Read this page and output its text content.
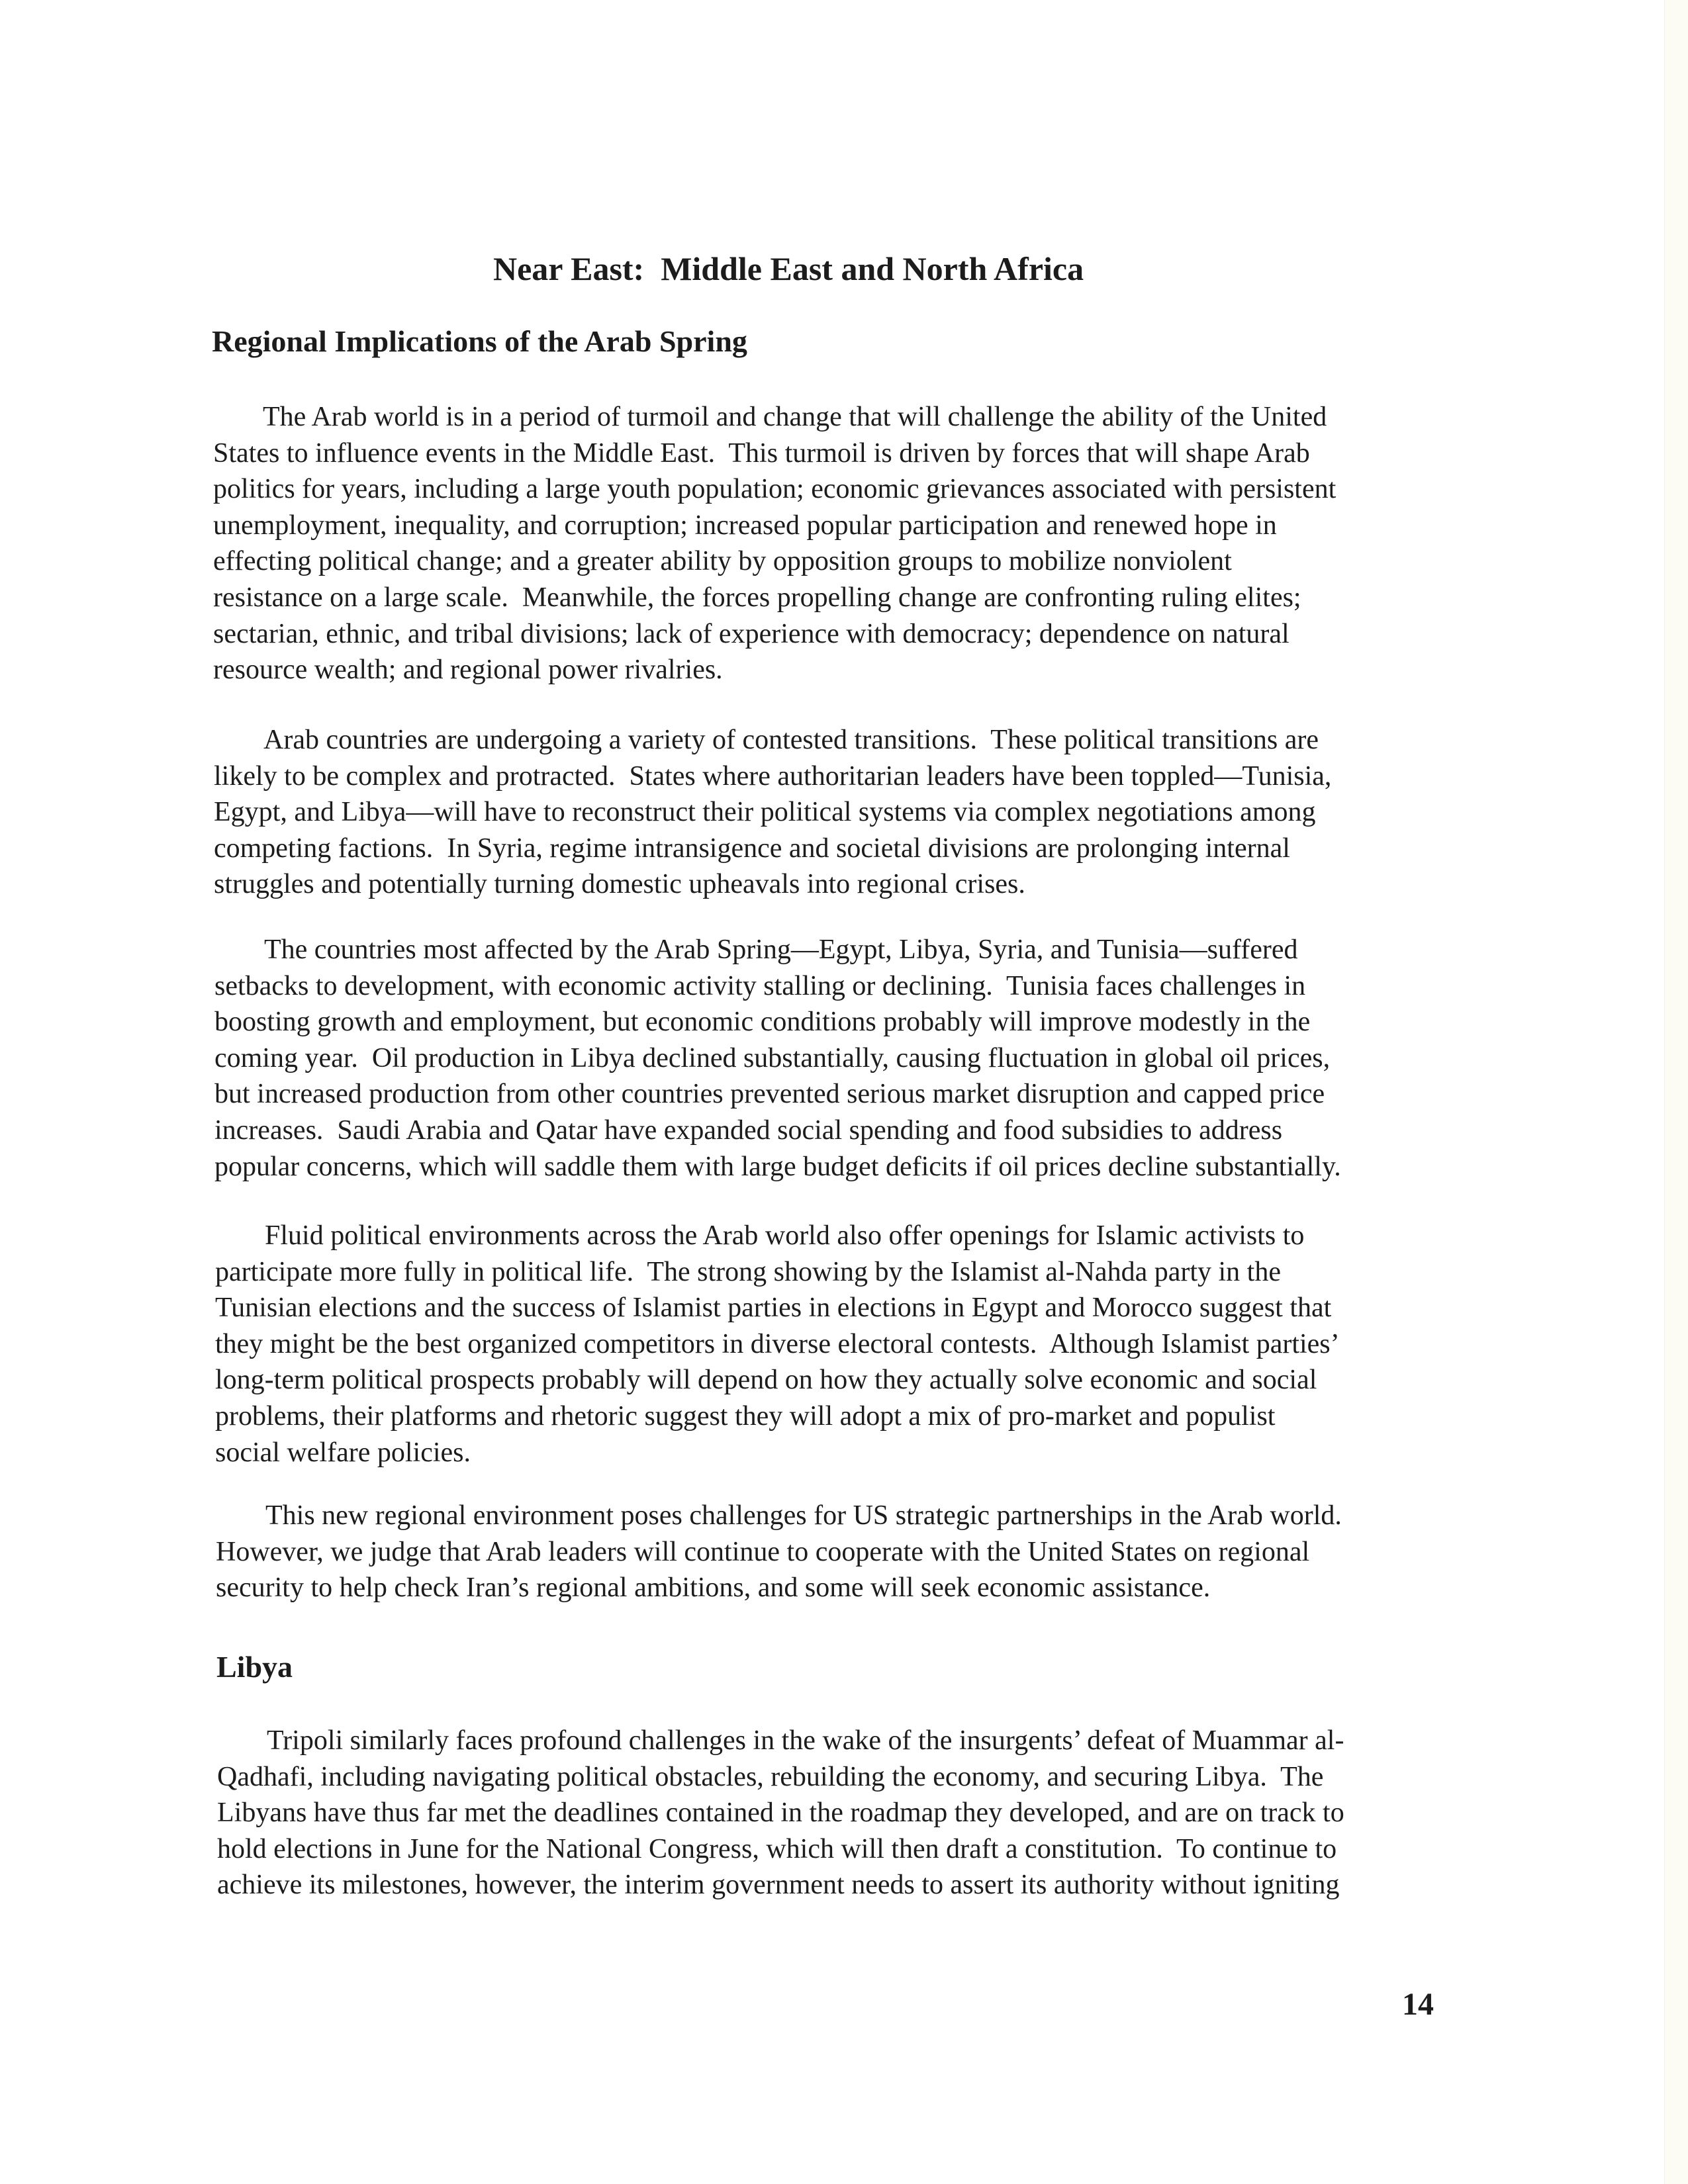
Near East:  Middle East and North Africa
Regional Implications of the Arab Spring
The Arab world is in a period of turmoil and change that will challenge the ability of the United
States to influence events in the Middle East.  This turmoil is driven by forces that will shape Arab
politics for years, including a large youth population; economic grievances associated with persistent
unemployment, inequality, and corruption; increased popular participation and renewed hope in
effecting political change; and a greater ability by opposition groups to mobilize nonviolent
resistance on a large scale.  Meanwhile, the forces propelling change are confronting ruling elites;
sectarian, ethnic, and tribal divisions; lack of experience with democracy; dependence on natural
resource wealth; and regional power rivalries.
Arab countries are undergoing a variety of contested transitions.  These political transitions are
likely to be complex and protracted.  States where authoritarian leaders have been toppled—Tunisia,
Egypt, and Libya—will have to reconstruct their political systems via complex negotiations among
competing factions.  In Syria, regime intransigence and societal divisions are prolonging internal
struggles and potentially turning domestic upheavals into regional crises.
The countries most affected by the Arab Spring—Egypt, Libya, Syria, and Tunisia—suffered
setbacks to development, with economic activity stalling or declining.  Tunisia faces challenges in
boosting growth and employment, but economic conditions probably will improve modestly in the
coming year.  Oil production in Libya declined substantially, causing fluctuation in global oil prices,
but increased production from other countries prevented serious market disruption and capped price
increases.  Saudi Arabia and Qatar have expanded social spending and food subsidies to address
popular concerns, which will saddle them with large budget deficits if oil prices decline substantially.
Fluid political environments across the Arab world also offer openings for Islamic activists to
participate more fully in political life.  The strong showing by the Islamist al-Nahda party in the
Tunisian elections and the success of Islamist parties in elections in Egypt and Morocco suggest that
they might be the best organized competitors in diverse electoral contests.  Although Islamist parties’
long-term political prospects probably will depend on how they actually solve economic and social
problems, their platforms and rhetoric suggest they will adopt a mix of pro-market and populist
social welfare policies.
This new regional environment poses challenges for US strategic partnerships in the Arab world.
However, we judge that Arab leaders will continue to cooperate with the United States on regional
security to help check Iran’s regional ambitions, and some will seek economic assistance.
Libya
Tripoli similarly faces profound challenges in the wake of the insurgents’ defeat of Muammar al-
Qadhafi, including navigating political obstacles, rebuilding the economy, and securing Libya.  The
Libyans have thus far met the deadlines contained in the roadmap they developed, and are on track to
hold elections in June for the National Congress, which will then draft a constitution.  To continue to
achieve its milestones, however, the interim government needs to assert its authority without igniting
14
